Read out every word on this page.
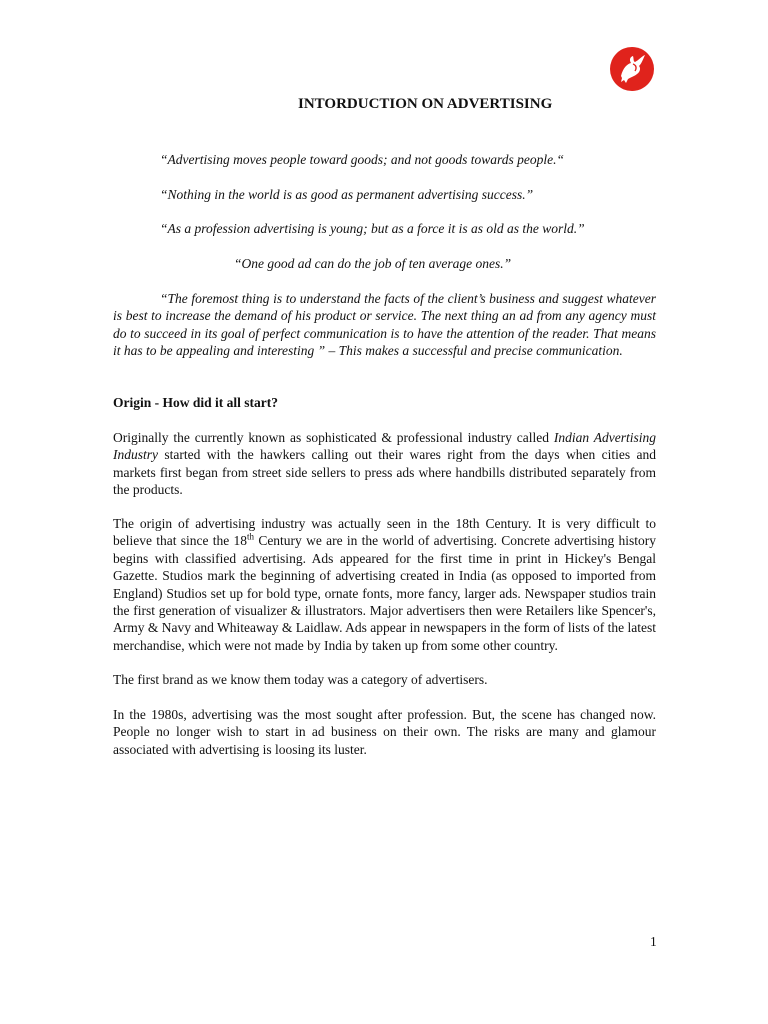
INTORDUCTION ON ADVERTISING
“Advertising moves people toward goods; and not goods towards people.“
“Nothing in the world is as good as permanent advertising success.”
“As a profession advertising is young; but as a force it is as old as the world.”
“One good ad can do the job of ten average ones.”
“The foremost thing is to understand the facts of the client’s business and suggest whatever is best to increase the demand of his product or service. The next thing an ad from any agency must do to succeed in its goal of perfect communication is to have the attention of the reader. That means it has to be appealing and interesting ” – This makes a successful and precise communication.
Origin - How did it all start?
Originally the currently known as sophisticated & professional industry called Indian Advertising Industry started with the hawkers calling out their wares right from the days when cities and markets first began from street side sellers to press ads where handbills distributed separately from the products.
The origin of advertising industry was actually seen in the 18th Century. It is very difficult to believe that since the 18th Century we are in the world of advertising. Concrete advertising history begins with classified advertising. Ads appeared for the first time in print in Hickey's Bengal Gazette. Studios mark the beginning of advertising created in India (as opposed to imported from England) Studios set up for bold type, ornate fonts, more fancy, larger ads. Newspaper studios train the first generation of visualizer & illustrators. Major advertisers then were Retailers like Spencer's, Army & Navy and Whiteaway & Laidlaw. Ads appear in newspapers in the form of lists of the latest merchandise, which were not made by India by taken up from some other country.
The first brand as we know them today was a category of advertisers.
In the 1980s, advertising was the most sought after profession. But, the scene has changed now. People no longer wish to start in ad business on their own. The risks are many and glamour associated with advertising is loosing its luster.
1
